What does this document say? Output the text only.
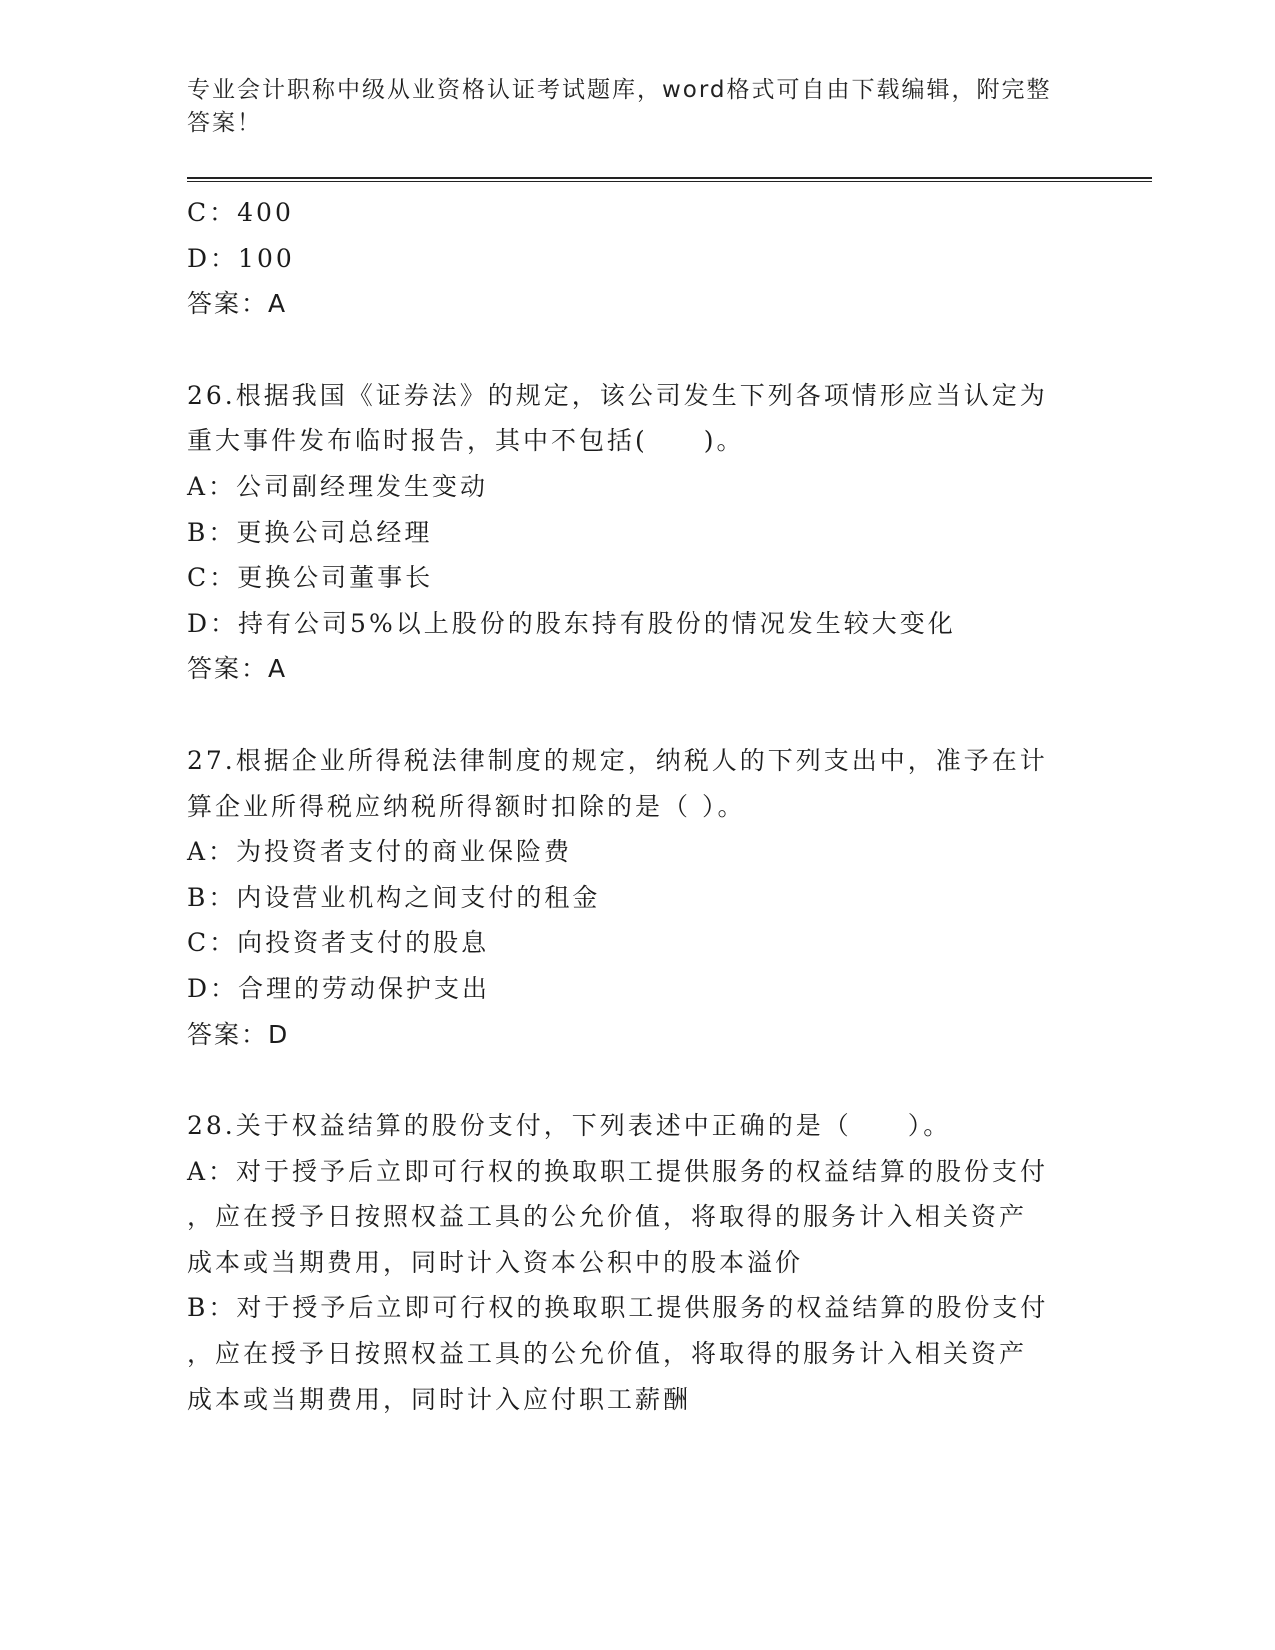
专业会计职称中级从业资格认证考试题库，word格式可自由下载编辑，附完整答案！
C：400
D：100
答案：A
26.根据我国《证券法》的规定，该公司发生下列各项情形应当认定为
重大事件发布临时报告，其中不包括(　　)。
A：公司副经理发生变动
B：更换公司总经理
C：更换公司董事长
D：持有公司5%以上股份的股东持有股份的情况发生较大变化
答案：A
27.根据企业所得税法律制度的规定，纳税人的下列支出中，准予在计
算企业所得税应纳税所得额时扣除的是（ ）。
A：为投资者支付的商业保险费
B：内设营业机构之间支付的租金
C：向投资者支付的股息
D：合理的劳动保护支出
答案：D
28.关于权益结算的股份支付，下列表述中正确的是（　　）。
A：对于授予后立即可行权的换取职工提供服务的权益结算的股份支付
，应在授予日按照权益工具的公允价值，将取得的服务计入相关资产
成本或当期费用，同时计入资本公积中的股本溢价
B：对于授予后立即可行权的换取职工提供服务的权益结算的股份支付
，应在授予日按照权益工具的公允价值，将取得的服务计入相关资产
成本或当期费用，同时计入应付职工薪酬
